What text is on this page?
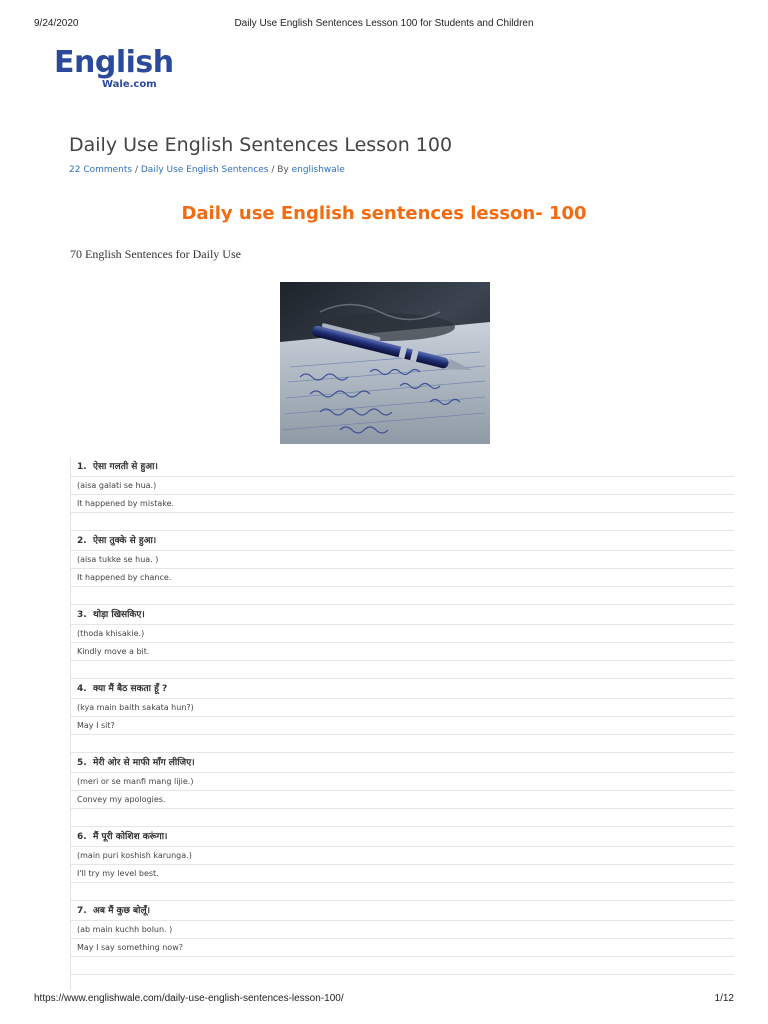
9/24/2020	Daily Use English Sentences Lesson 100 for Students and Children
English
Wale.com
Daily Use English Sentences Lesson 100
22 Comments / Daily Use English Sentences / By englishwale
Daily use English sentences lesson- 100

70 English Sentences for Daily Use

1. ऐसा गलती से हुआ।
(aisa galati se hua.)
It happened by mistake.
2. ऐसा तुक्के से हुआ।
(aisa tukke se hua. )
It happened by chance.
3. थोड़ा खिसकिए।
(thoda khisakie.)
Kindly move a bit.
4. क्या मैं बैठ सकता हूँ ?
(kya main baith sakata hun?)
May I sit?
5. मेरी ओर से माफी माँग लीजिए।
(meri or se manfi mang lijie.)
Convey my apologies.
6. मैं पूरी कोशिश करूंगा।
(main puri koshish karunga.)
I'll try my level best.
7. अब मैं कुछ बोलूँ।
(ab main kuchh bolun. )
May I say something now?
https://www.englishwale.com/daily-use-english-sentences-lesson-100/	1/12
